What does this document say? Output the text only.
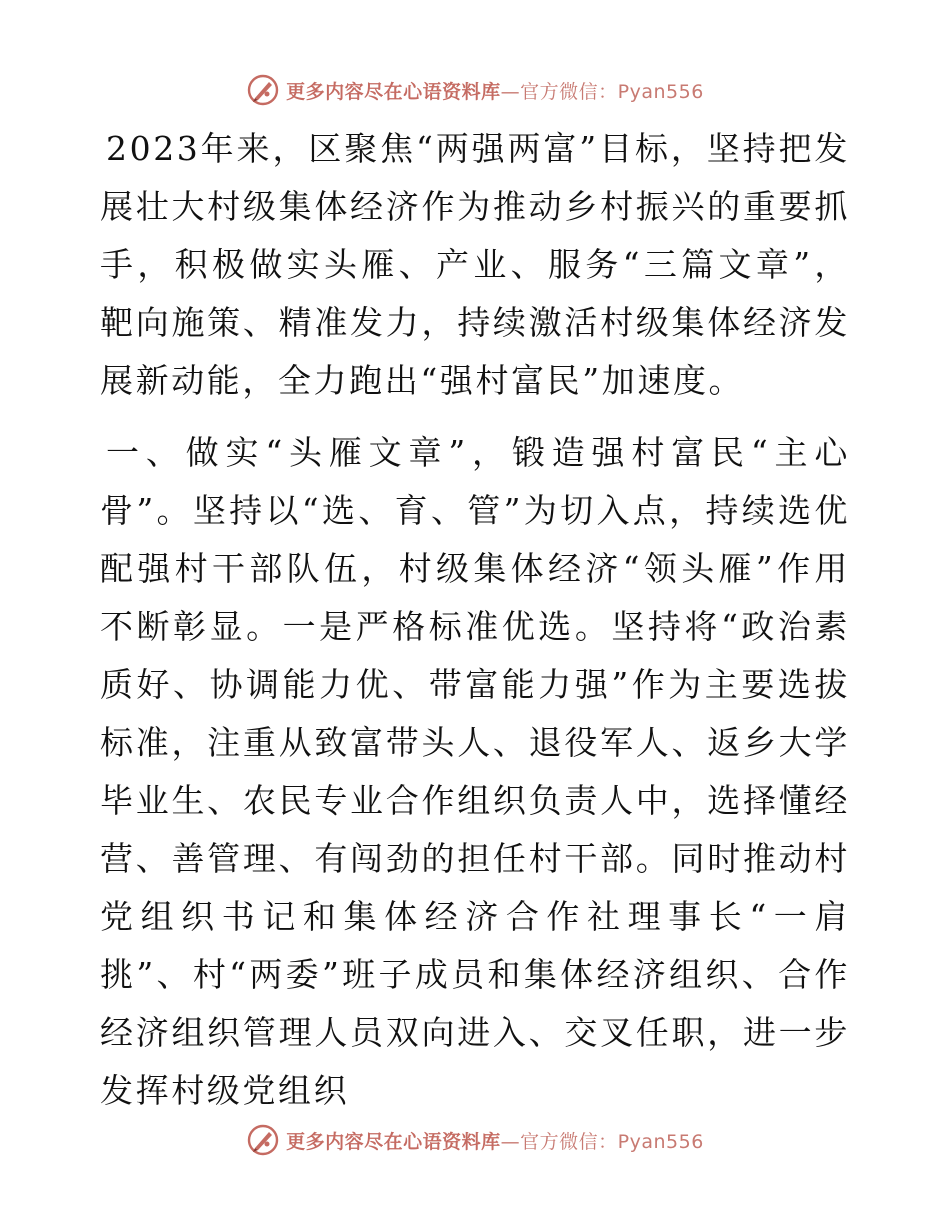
更多内容尽在心语资料库—官方微信：Pyan556

2023年来，区聚焦“两强两富”目标，坚持把发展壮大村级集体经济作为推动乡村振兴的重要抓手，积极做实头雁、产业、服务“三篇文章”，靶向施策、精准发力，持续激活村级集体经济发展新动能，全力跑出“强村富民”加速度。

一、做实“头雁文章”，锻造强村富民“主心骨”。坚持以“选、育、管”为切入点，持续选优配强村干部队伍，村级集体经济“领头雁”作用不断彰显。一是严格标准优选。坚持将“政治素质好、协调能力优、带富能力强”作为主要选拔标准，注重从致富带头人、退役军人、返乡大学毕业生、农民专业合作组织负责人中，选择懂经营、善管理、有闯劲的担任村干部。同时推动村党组织书记和集体经济合作社理事长“一肩挑”、村“两委”班子成员和集体经济组织、合作经济组织管理人员双向进入、交叉任职，进一步发挥村级党组织

更多内容尽在心语资料库—官方微信：Pyan556
